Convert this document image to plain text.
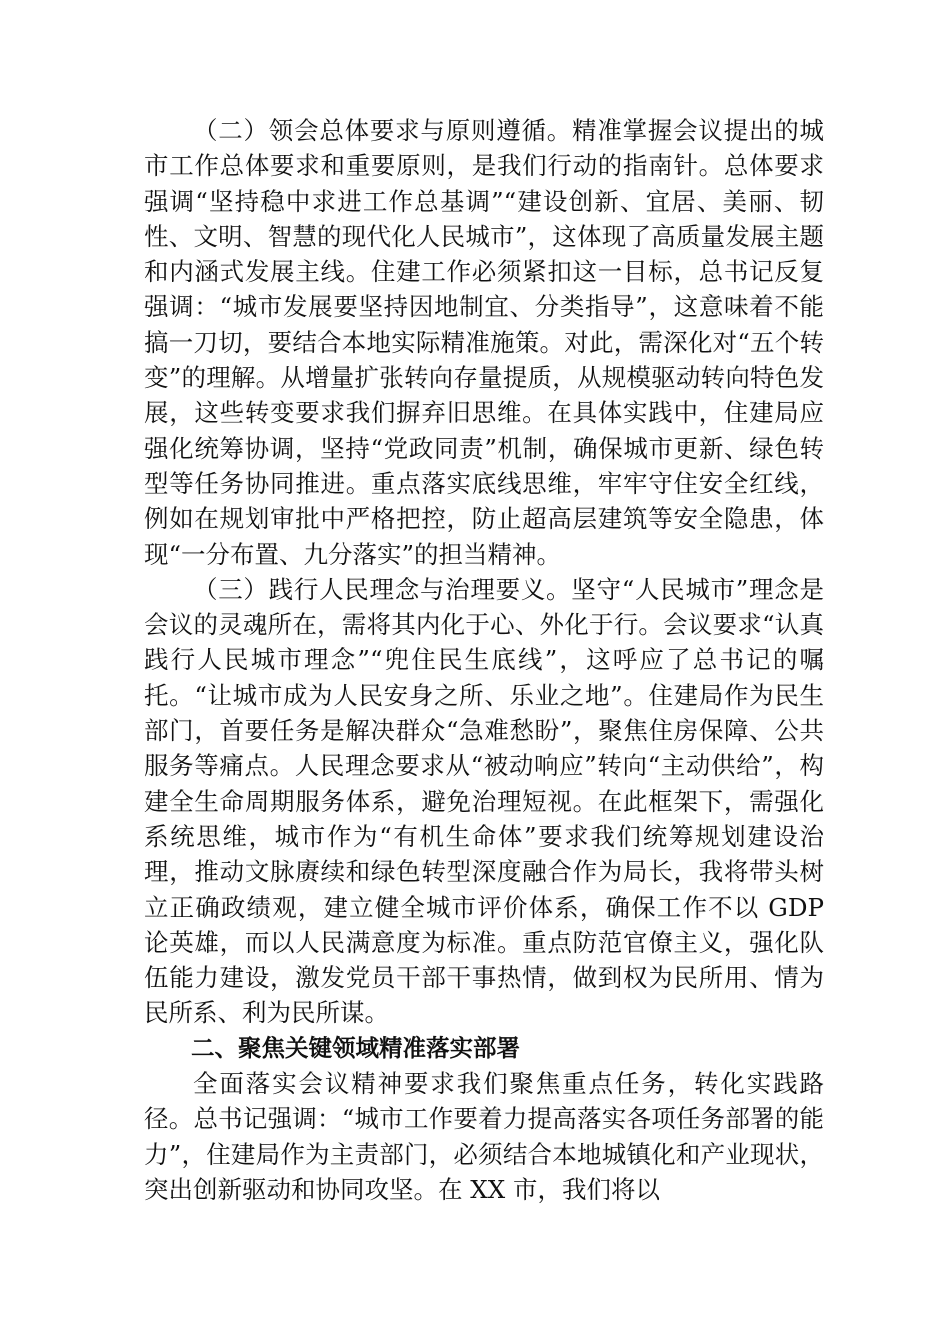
（二）领会总体要求与原则遵循。精准掌握会议提出的城市工作总体要求和重要原则，是我们行动的指南针。总体要求强调“坚持稳中求进工作总基调”“建设创新、宜居、美丽、韧性、文明、智慧的现代化人民城市”，这体现了高质量发展主题和内涵式发展主线。住建工作必须紧扣这一目标，总书记反复强调：“城市发展要坚持因地制宜、分类指导”，这意味着不能搞一刀切，要结合本地实际精准施策。对此，需深化对“五个转变”的理解。从增量扩张转向存量提质，从规模驱动转向特色发展，这些转变要求我们摒弃旧思维。在具体实践中，住建局应强化统筹协调，坚持“党政同责”机制，确保城市更新、绿色转型等任务协同推进。重点落实底线思维，牢牢守住安全红线，例如在规划审批中严格把控，防止超高层建筑等安全隐患，体现“一分布置、九分落实”的担当精神。

（三）践行人民理念与治理要义。坚守“人民城市”理念是会议的灵魂所在，需将其内化于心、外化于行。会议要求“认真践行人民城市理念”“兜住民生底线”，这呼应了总书记的嘱托。“让城市成为人民安身之所、乐业之地”。住建局作为民生部门，首要任务是解决群众“急难愁盼”，聚焦住房保障、公共服务等痛点。人民理念要求从“被动响应”转向“主动供给”，构建全生命周期服务体系，避免治理短视。在此框架下，需强化系统思维，城市作为“有机生命体”要求我们统筹规划建设治理，推动文脉赓续和绿色转型深度融合作为局长，我将带头树立正确政绩观，建立健全城市评价体系，确保工作不以 GDP 论英雄，而以人民满意度为标准。重点防范官僚主义，强化队伍能力建设，激发党员干部干事热情，做到权为民所用、情为民所系、利为民所谋。

二、聚焦关键领域精准落实部署

全面落实会议精神要求我们聚焦重点任务，转化实践路径。总书记强调：“城市工作要着力提高落实各项任务部署的能力”，住建局作为主责部门，必须结合本地城镇化和产业现状，突出创新驱动和协同攻坚。在 XX 市，我们将以
